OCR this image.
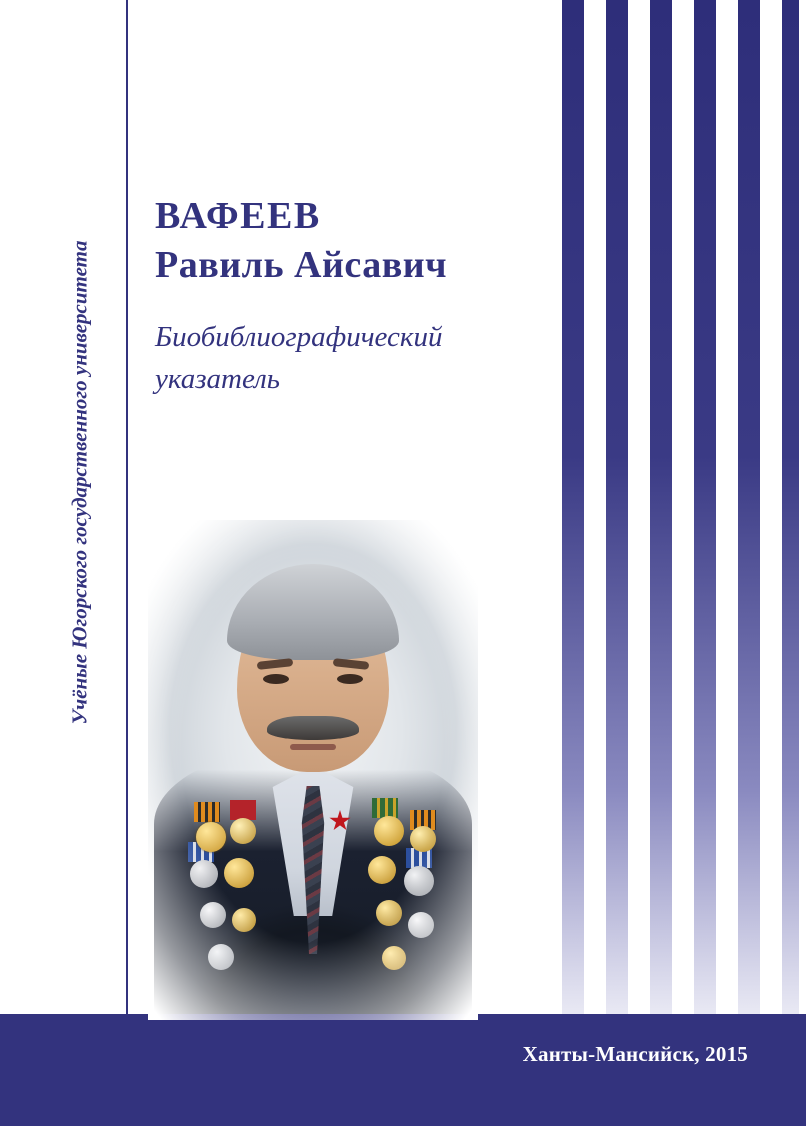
Учёные Югорского государственного университета
ВАФЕЕВ
Равиль Айсавич
Биобиблиографический
указатель
Ханты-Мансийск, 2015
